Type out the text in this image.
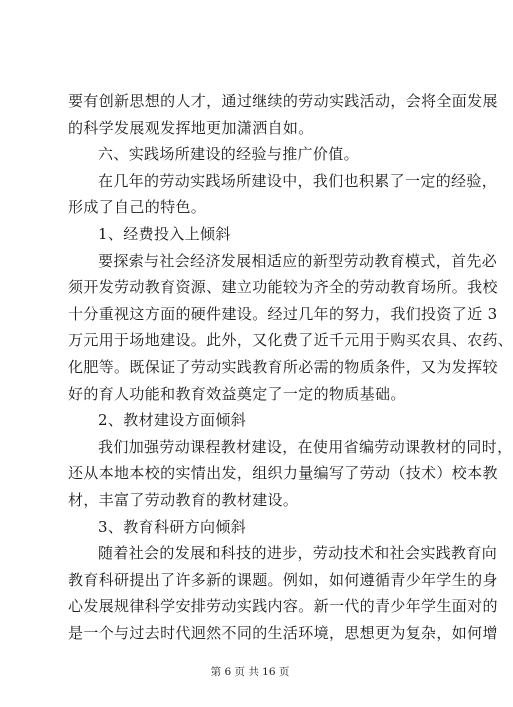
要有创新思想的人才，通过继续的劳动实践活动，会将全面发展
的科学发展观发挥地更加潇洒自如。
六、实践场所建设的经验与推广价值。
在几年的劳动实践场所建设中，我们也积累了一定的经验，
形成了自己的特色。
1、经费投入上倾斜
要探索与社会经济发展相适应的新型劳动教育模式，首先必
须开发劳动教育资源、建立功能较为齐全的劳动教育场所。我校
十分重视这方面的硬件建设。经过几年的努力，我们投资了近 3
万元用于场地建设。此外，又化费了近千元用于购买农具、农药、
化肥等。既保证了劳动实践教育所必需的物质条件，又为发挥较
好的育人功能和教育效益奠定了一定的物质基础。
2、教材建设方面倾斜
我们加强劳动课程教材建设，在使用省编劳动课教材的同时，
还从本地本校的实情出发，组织力量编写了劳动（技术）校本教
材，丰富了劳动教育的教材建设。
3、教育科研方向倾斜
随着社会的发展和科技的进步，劳动技术和社会实践教育向
教育科研提出了许多新的课题。例如，如何遵循青少年学生的身
心发展规律科学安排劳动实践内容。新一代的青少年学生面对的
是一个与过去时代迥然不同的生活环境，思想更为复杂，如何增
第 6 页 共 16 页
